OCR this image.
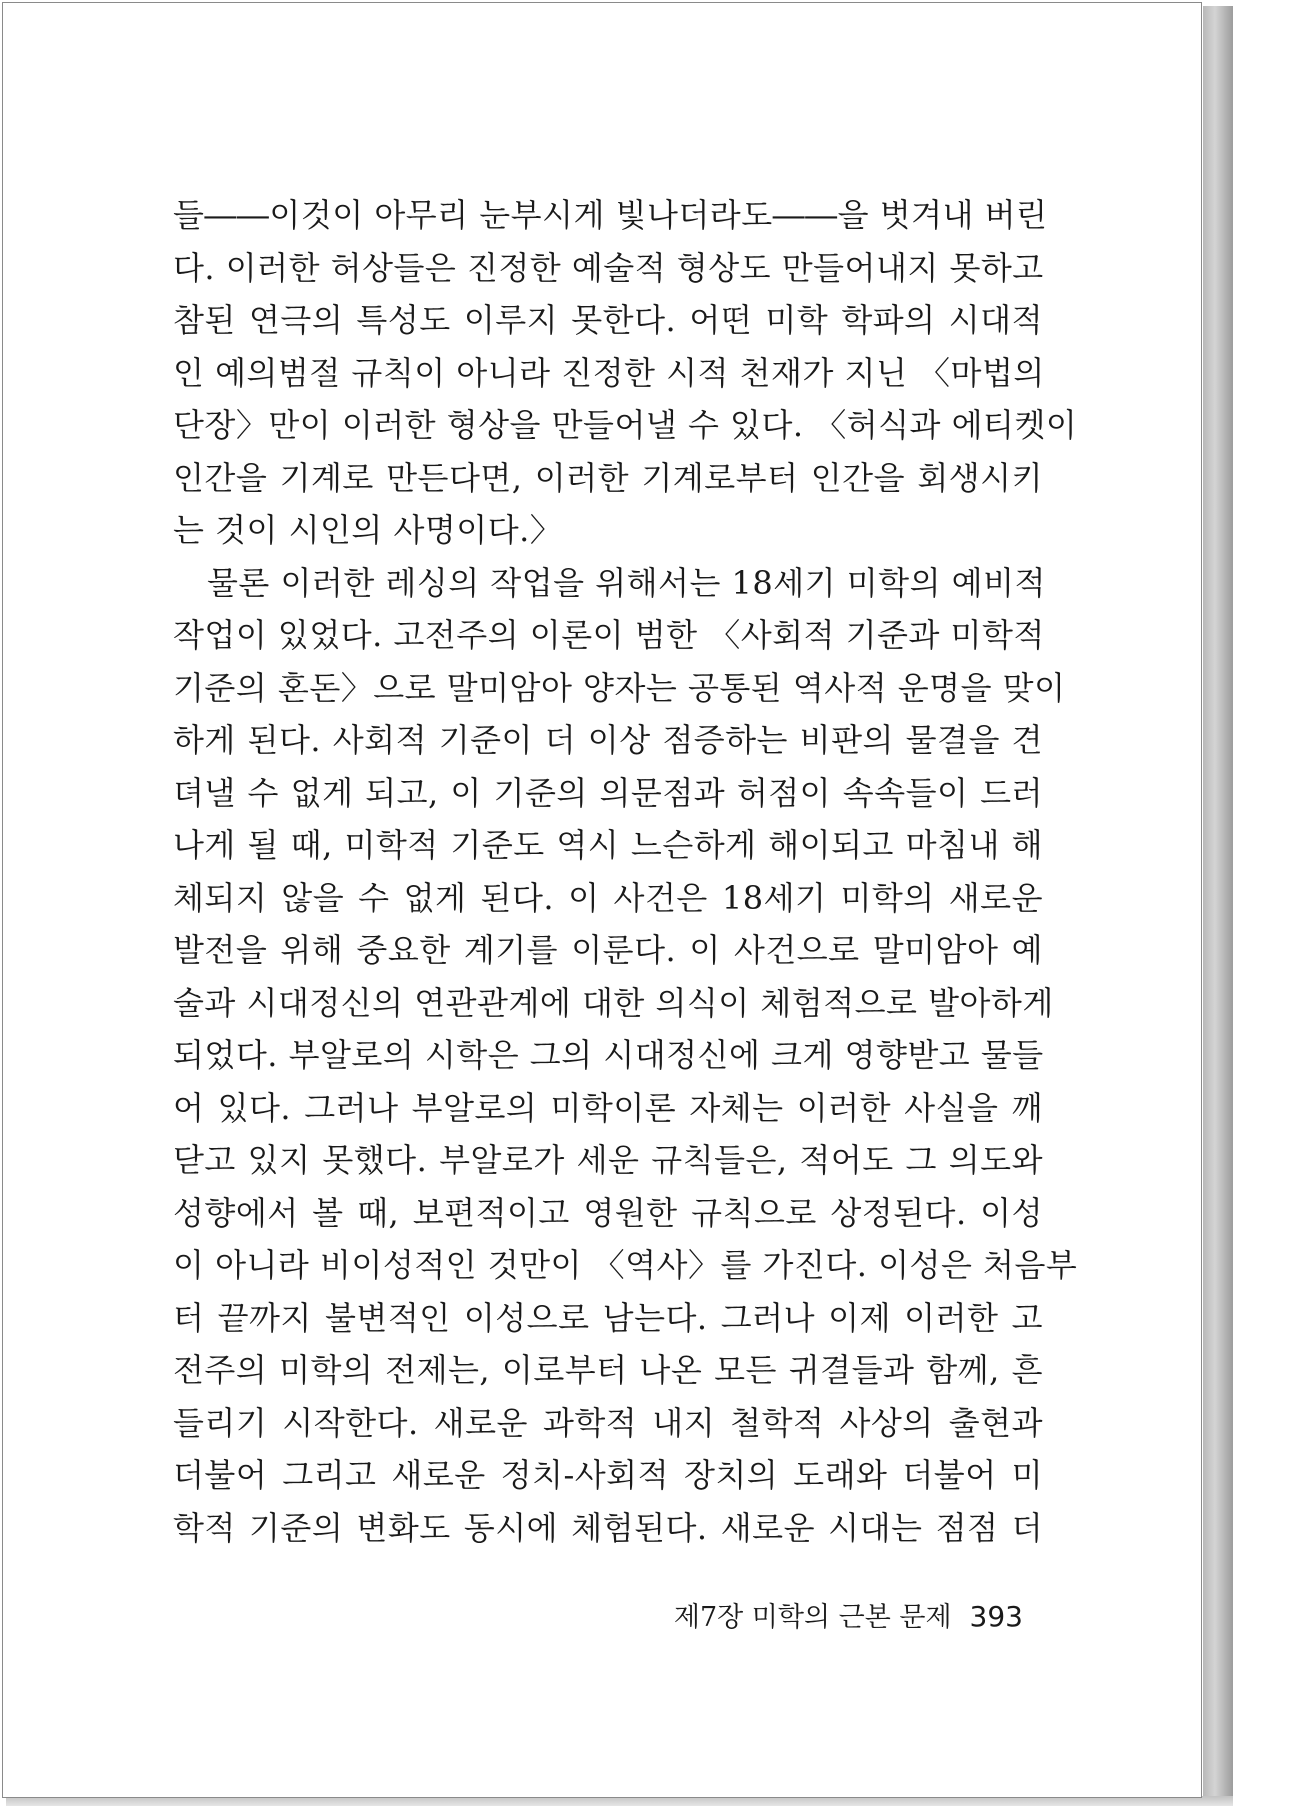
들――이것이 아무리 눈부시게 빛나더라도――을 벗겨내 버린
다. 이러한 허상들은 진정한 예술적 형상도 만들어내지 못하고
참된 연극의 특성도 이루지 못한다. 어떤 미학 학파의 시대적
인 예의범절 규칙이 아니라 진정한 시적 천재가 지닌 〈마법의
단장〉만이 이러한 형상을 만들어낼 수 있다. 〈허식과 에티켓이
인간을 기계로 만든다면, 이러한 기계로부터 인간을 회생시키
는 것이 시인의 사명이다.〉
물론 이러한 레싱의 작업을 위해서는 18세기 미학의 예비적
작업이 있었다. 고전주의 이론이 범한 〈사회적 기준과 미학적
기준의 혼돈〉으로 말미암아 양자는 공통된 역사적 운명을 맞이
하게 된다. 사회적 기준이 더 이상 점증하는 비판의 물결을 견
뎌낼 수 없게 되고, 이 기준의 의문점과 허점이 속속들이 드러
나게 될 때, 미학적 기준도 역시 느슨하게 해이되고 마침내 해
체되지 않을 수 없게 된다. 이 사건은 18세기 미학의 새로운
발전을 위해 중요한 계기를 이룬다. 이 사건으로 말미암아 예
술과 시대정신의 연관관계에 대한 의식이 체험적으로 발아하게
되었다. 부알로의 시학은 그의 시대정신에 크게 영향받고 물들
어 있다. 그러나 부알로의 미학이론 자체는 이러한 사실을 깨
닫고 있지 못했다. 부알로가 세운 규칙들은, 적어도 그 의도와
성향에서 볼 때, 보편적이고 영원한 규칙으로 상정된다. 이성
이 아니라 비이성적인 것만이 〈역사〉를 가진다. 이성은 처음부
터 끝까지 불변적인 이성으로 남는다. 그러나 이제 이러한 고
전주의 미학의 전제는, 이로부터 나온 모든 귀결들과 함께, 흔
들리기 시작한다. 새로운 과학적 내지 철학적 사상의 출현과
더불어 그리고 새로운 정치-사회적 장치의 도래와 더불어 미
학적 기준의 변화도 동시에 체험된다. 새로운 시대는 점점 더
제7장 미학의 근본 문제 393
